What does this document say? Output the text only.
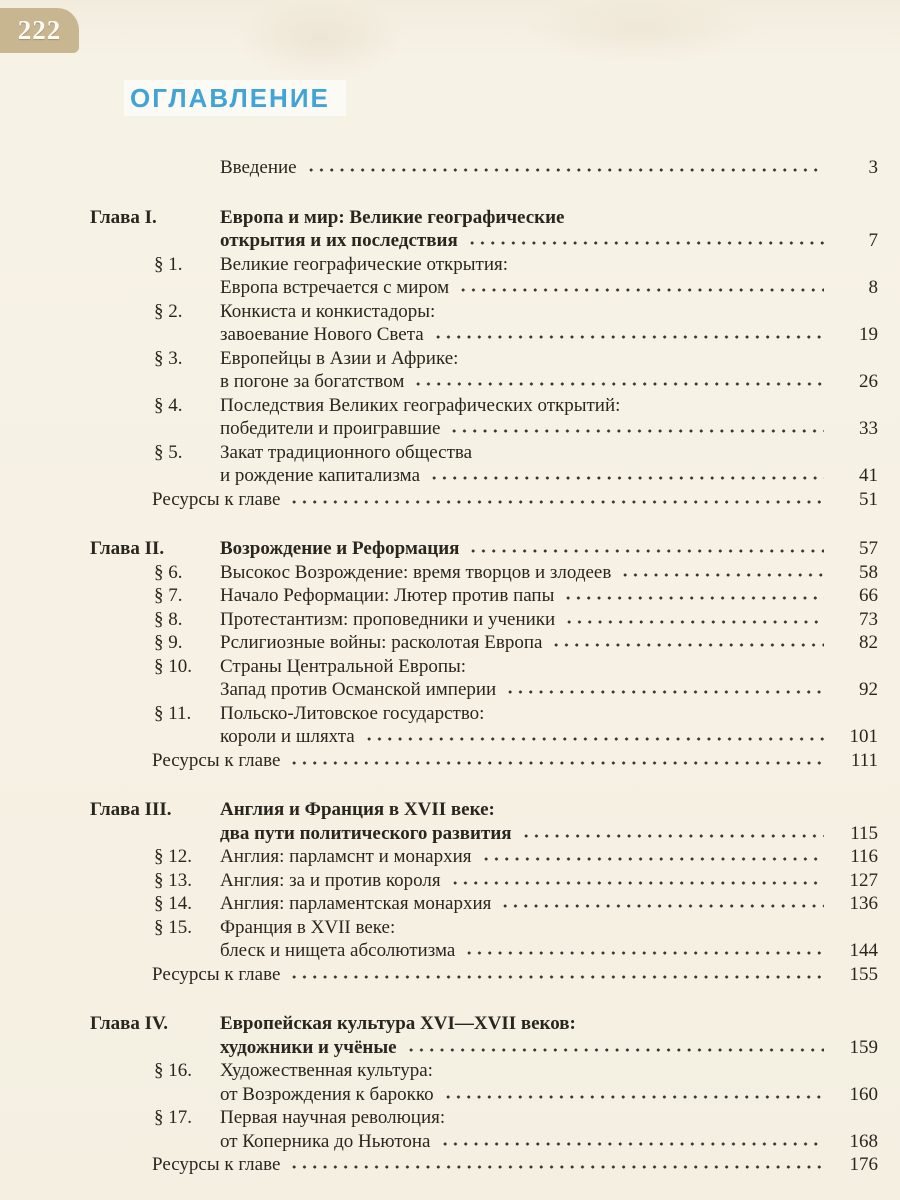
222
ОГЛАВЛЕНИЕ
Введение	3
Глава I.	Европа и мир: Великие географические
открытия и их последствия	7
§ 1.	Великие географические открытия:
Европа встречается с миром	8
§ 2.	Конкиста и конкистадоры:
завоевание Нового Света	19
§ 3.	Европейцы в Азии и Африке:
в погоне за богатством	26
§ 4.	Последствия Великих географических открытий:
победители и проигравшие	33
§ 5.	Закат традиционного общества
и рождение капитализма	41
Ресурсы к главе	51
Глава II.	Возрождение и Реформация	57
§ 6.	Высокос Возрождение: время творцов и злодеев	58
§ 7.	Начало Реформации: Лютер против папы	66
§ 8.	Протестантизм: проповедники и ученики	73
§ 9.	Рслигиозные войны: расколотая Европа	82
§ 10.	Страны Центральной Европы:
Запад против Османской империи	92
§ 11.	Польско-Литовское государство:
короли и шляхта	101
Ресурсы к главе	111
Глава III.	Англия и Франция в XVII веке:
два пути политического развития	115
§ 12.	Англия: парламснт и монархия	116
§ 13.	Англия: за и против короля	127
§ 14.	Англия: парламентская монархия	136
§ 15.	Франция в XVII веке:
блеск и нищета абсолютизма	144
Ресурсы к главе	155
Глава IV.	Европейская культура XVI—XVII веков:
художники и учёные	159
§ 16.	Художественная культура:
от Возрождения к барокко	160
§ 17.	Первая научная революция:
от Коперника до Ньютона	168
Ресурсы к главе	176
